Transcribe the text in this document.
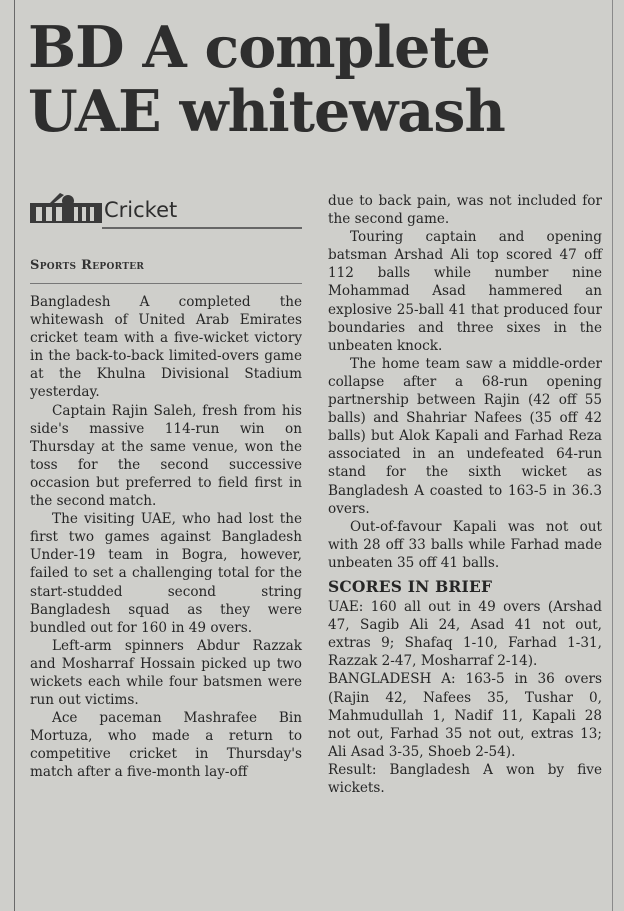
BD A complete
UAE whitewash
Cricket
Sports Reporter

Bangladesh A completed the whitewash of United Arab Emirates cricket team with a five-wicket victory in the back-to-back limited-overs game at the Khulna Divisional Stadium yesterday.

Captain Rajin Saleh, fresh from his side's massive 114-run win on Thursday at the same venue, won the toss for the second successive occasion but preferred to field first in the second match.

The visiting UAE, who had lost the first two games against Bangladesh Under-19 team in Bogra, however, failed to set a challenging total for the start-studded second string Bangladesh squad as they were bundled out for 160 in 49 overs.

Left-arm spinners Abdur Razzak and Mosharraf Hossain picked up two wickets each while four batsmen were run out victims.

Ace paceman Mashrafee Bin Mortuza, who made a return to competitive cricket in Thursday's match after a five-month lay-off

due to back pain, was not included for the second game.

Touring captain and opening batsman Arshad Ali top scored 47 off 112 balls while number nine Mohammad Asad hammered an explosive 25-ball 41 that produced four boundaries and three sixes in the unbeaten knock.

The home team saw a middle-order collapse after a 68-run opening partnership between Rajin (42 off 55 balls) and Shahriar Nafees (35 off 42 balls) but Alok Kapali and Farhad Reza associated in an undefeated 64-run stand for the sixth wicket as Bangladesh A coasted to 163-5 in 36.3 overs.

Out-of-favour Kapali was not out with 28 off 33 balls while Farhad made unbeaten 35 off 41 balls.

SCORES IN BRIEF

UAE: 160 all out in 49 overs (Arshad 47, Sagib Ali 24, Asad 41 not out, extras 9; Shafaq 1-10, Farhad 1-31, Razzak 2-47, Mosharraf 2-14).

BANGLADESH A: 163-5 in 36 overs (Rajin 42, Nafees 35, Tushar 0, Mahmudullah 1, Nadif 11, Kapali 28 not out, Farhad 35 not out, extras 13; Ali Asad 3-35, Shoeb 2-54).

Result: Bangladesh A won by five wickets.
